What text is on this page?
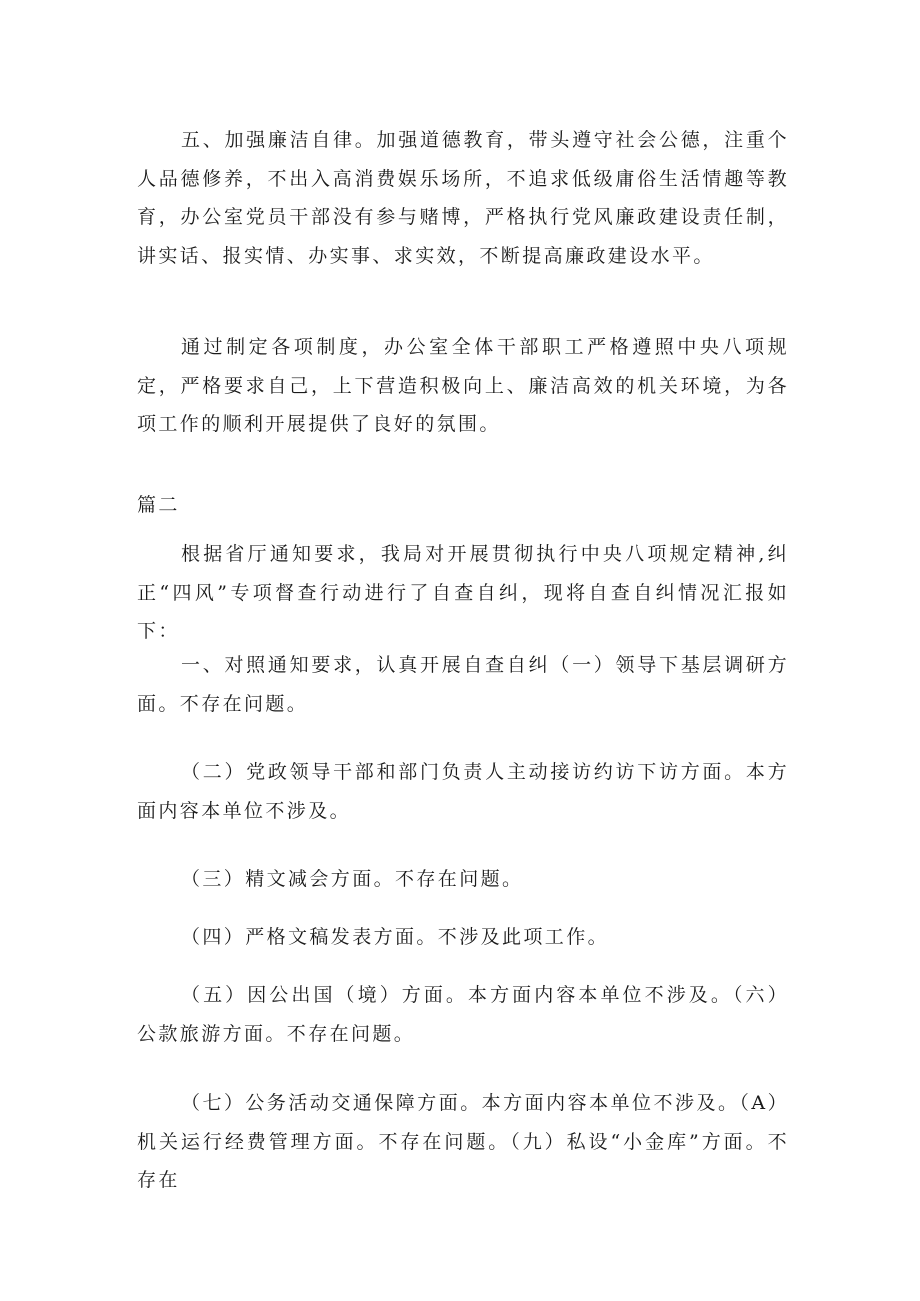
五、加强廉洁自律。加强道德教育，带头遵守社会公德，注重个人品德修养，不出入高消费娱乐场所，不追求低级庸俗生活情趣等教育，办公室党员干部没有参与赌博，严格执行党风廉政建设责任制，讲实话、报实情、办实事、求实效，不断提高廉政建设水平。

通过制定各项制度，办公室全体干部职工严格遵照中央八项规定，严格要求自己，上下营造积极向上、廉洁高效的机关环境，为各项工作的顺利开展提供了良好的氛围。

篇二

根据省厅通知要求，我局对开展贯彻执行中央八项规定精神,纠正“四风”专项督查行动进行了自查自纠，现将自查自纠情况汇报如下：

一、对照通知要求，认真开展自查自纠（一）领导下基层调研方面。不存在问题。

（二）党政领导干部和部门负责人主动接访约访下访方面。本方面内容本单位不涉及。

（三）精文减会方面。不存在问题。

（四）严格文稿发表方面。不涉及此项工作。

（五）因公出国（境）方面。本方面内容本单位不涉及。（六）公款旅游方面。不存在问题。

（七）公务活动交通保障方面。本方面内容本单位不涉及。（A）机关运行经费管理方面。不存在问题。（九）私设“小金库”方面。不存在
